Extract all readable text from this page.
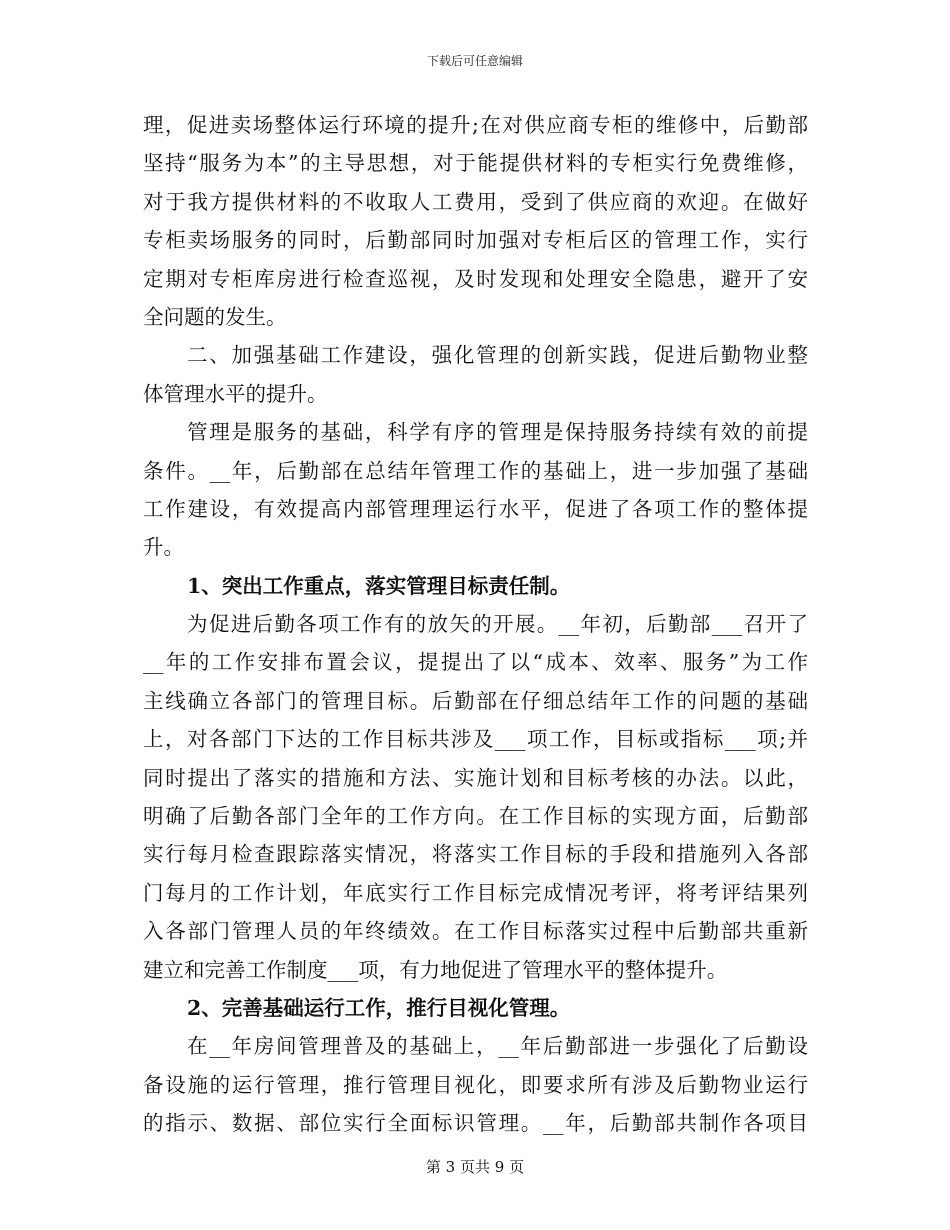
下载后可任意编辑
理，促进卖场整体运行环境的提升;在对供应商专柜的维修中，后勤部
坚持“服务为本”的主导思想，对于能提供材料的专柜实行免费维修，
对于我方提供材料的不收取人工费用，受到了供应商的欢迎。在做好
专柜卖场服务的同时，后勤部同时加强对专柜后区的管理工作，实行
定期对专柜库房进行检查巡视，及时发现和处理安全隐患，避开了安
全问题的发生。
二、加强基础工作建设，强化管理的创新实践，促进后勤物业整
体管理水平的提升。
管理是服务的基础，科学有序的管理是保持服务持续有效的前提
条件。__年，后勤部在总结年管理工作的基础上，进一步加强了基础
工作建设，有效提高内部管理理运行水平，促进了各项工作的整体提
升。
1、突出工作重点，落实管理目标责任制。
为促进后勤各项工作有的放矢的开展。__年初，后勤部___召开了
__年的工作安排布置会议，提提出了以“成本、效率、服务”为工作
主线确立各部门的管理目标。后勤部在仔细总结年工作的问题的基础
上，对各部门下达的工作目标共涉及___项工作，目标或指标___项;并
同时提出了落实的措施和方法、实施计划和目标考核的办法。以此，
明确了后勤各部门全年的工作方向。在工作目标的实现方面，后勤部
实行每月检查跟踪落实情况，将落实工作目标的手段和措施列入各部
门每月的工作计划，年底实行工作目标完成情况考评，将考评结果列
入各部门管理人员的年终绩效。在工作目标落实过程中后勤部共重新
建立和完善工作制度___项，有力地促进了管理水平的整体提升。
2、完善基础运行工作，推行目视化管理。
在__年房间管理普及的基础上，__年后勤部进一步强化了后勤设
备设施的运行管理，推行管理目视化，即要求所有涉及后勤物业运行
的指示、数据、部位实行全面标识管理。__年，后勤部共制作各项目
第 3 页共 9 页
